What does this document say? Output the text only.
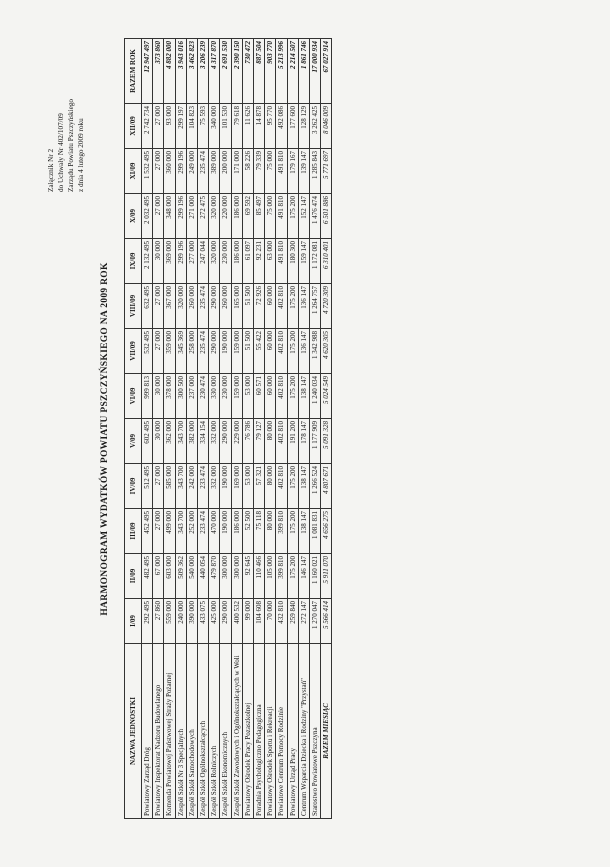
Załącznik Nr 2 do Uchwały Nr 402/107/09 Zarządu Powiatu Pszczyńskiego z dnia 4 lutego 2009 roku
HARMONOGRAM WYDATKÓW POWIATU PSZCZYŃSKIEGO NA 2009 ROK
NAZWA JEDNOSTKI	I/09	II/09	III/09	IV/09	V/09	VI/09	VII/09	VIII/09	IX/09	X/09	XI/09	XII/09	RAZEM ROK
Powiatowy Zarząd Dróg	292 495	482 495	452 495	512 495	602 495	999 813	532 495	632 495	2 132 495	2 032 495	1 532 495	2 742 734	12 947 497
Powiatowy Inspektorat Nadzoru Budowlanego	27 860	67 000	27 000	27 000	30 000	30 000	27 000	27 000	30 000	27 000	27 000	27 000	373 860
Komenda Powiatowej Państwowej Straży Pożarnej	559 000	603 000	499 000	585 000	362 000	378 000	359 000	367 000	369 000	348 000	360 000	93 000	4 882 000
Zespół Szkół Nr 3 Specjalnych	240 000	509 362	343 700	343 700	343 700	300 500	345 369	320 000	299 196	299 196	299 196	299 197	3 943 016
Zespół Szkół Samochodowych	390 000	540 000	252 000	242 000	382 000	237 000	258 000	260 000	277 000	271 000	249 000	104 823	3 462 823
Zespół Szkół Ogólnokształcących	433 075	440 054	233 474	233 474	334 154	230 474	235 474	235 474	247 044	272 475	235 474	75 593	3 206 239
Zespół Szkół Rolniczych	425 000	479 870	470 000	332 000	332 000	330 000	290 000	290 000	320 000	320 000	389 000	340 000	4 317 870
Zespół Szkół Ekonomicznych	290 000	300 000	190 000	190 000	290 000	230 000	190 000	260 000	230 000	220 000	200 000	101 530	2 691 530
Zespół Szkół Zawodowych i Ogólnokształcących w Woli	400 532	300 000	186 000	169 000	229 000	159 000	159 000	165 000	186 000	186 000	171 000	79 618	2 390 150
Powiatowy Ośrodek Pracy Pozaszkolnej	99 000	92 645	52 500	53 000	76 786	53 000	51 500	51 500	61 097	69 592	58 226	11 626	730 472
Poradnia Psychologiczno Pedagogiczna	104 608	110 466	75 118	57 321	79 127	60 571	55 422	72 926	92 231	85 497	79 339	14 878	887 504
Powiatowy Ośrodek Sportu i Rekreacji	70 000	105 000	80 000	80 000	80 000	60 000	60 000	60 000	63 000	75 000	75 000	95 770	903 770
Powiatowe Centrum Pomocy Rodzinie	432 810	399 810	399 810	402 810	402 810	402 810	402 810	402 810	491 810	491 810	491 810	492 086	5 213 996
Powiatowy Urząd Pracy	259 840	175 200	175 200	175 200	191 200	175 200	175 200	175 200	180 300	175 200	179 167	177 600	2 214 507
Centrum Wsparcia Dziecka i Rodziny "Przystań"	272 147	146 147	138 147	138 147	178 147	138 147	136 147	136 147	159 147	152 147	139 147	128 129	1 861 746
Starostwo Powiatowe Pszczyna	1 270 047	1 160 021	1 081 831	1 266 524	1 177 909	1 240 034	1 342 988	1 264 757	1 172 081	1 476 474	1 285 843	3 262 425	17 000 934
RAZEM MIESIĄC	5 566 414	5 911 070	4 656 275	4 807 671	5 091 328	5 024 549	4 620 305	4 720 309	6 310 401	6 501 886	5 771 697	8 046 009	67 027 914
